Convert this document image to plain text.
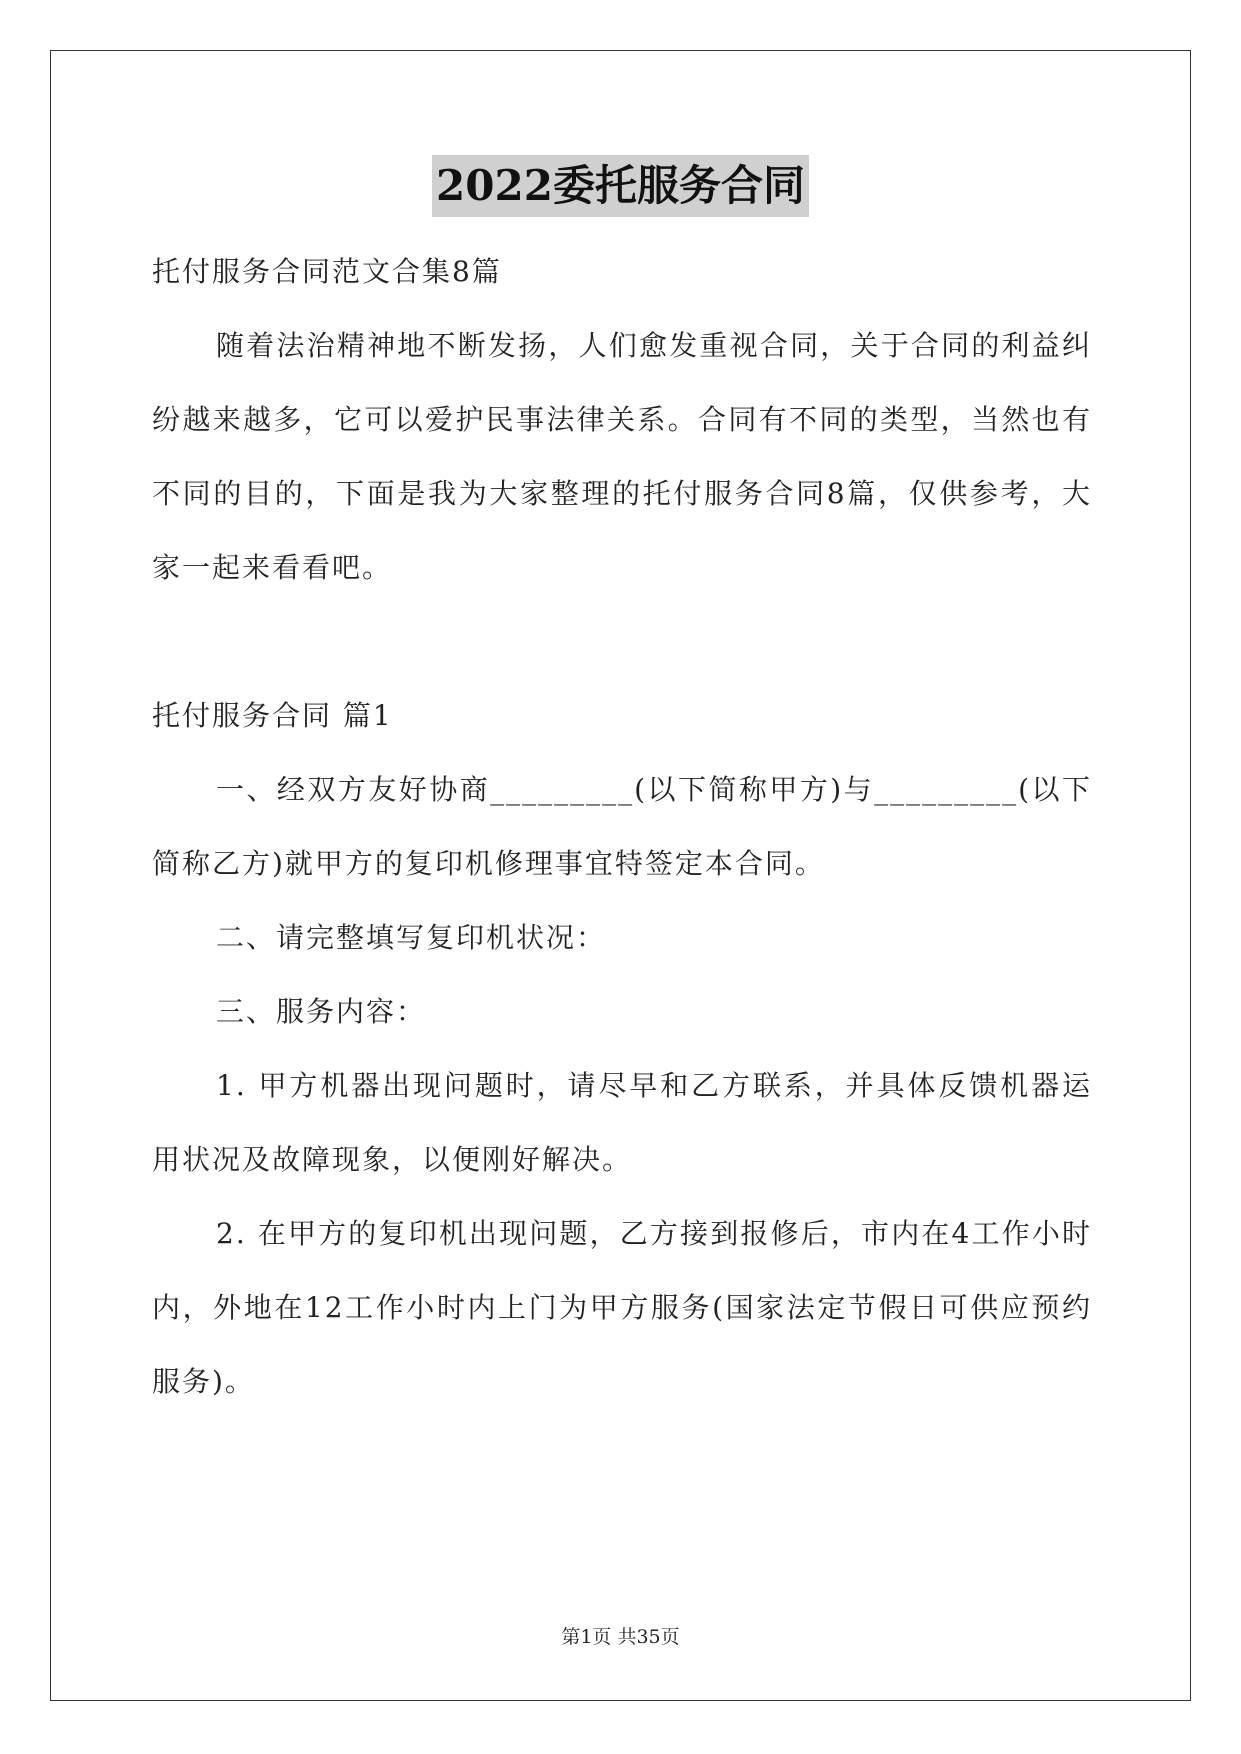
2022委托服务合同

托付服务合同范文合集8篇

随着法治精神地不断发扬，人们愈发重视合同，关于合同的利益纠纷越来越多，它可以爱护民事法律关系。合同有不同的类型，当然也有不同的目的，下面是我为大家整理的托付服务合同8篇，仅供参考，大家一起来看看吧。

托付服务合同 篇1

一、经双方友好协商_________(以下简称甲方)与_________(以下简称乙方)就甲方的复印机修理事宜特签定本合同。

二、请完整填写复印机状况：

三、服务内容：

1. 甲方机器出现问题时，请尽早和乙方联系，并具体反馈机器运用状况及故障现象，以便刚好解决。

2. 在甲方的复印机出现问题，乙方接到报修后，市内在4工作小时内，外地在12工作小时内上门为甲方服务(国家法定节假日可供应预约服务)。

第1页 共35页
